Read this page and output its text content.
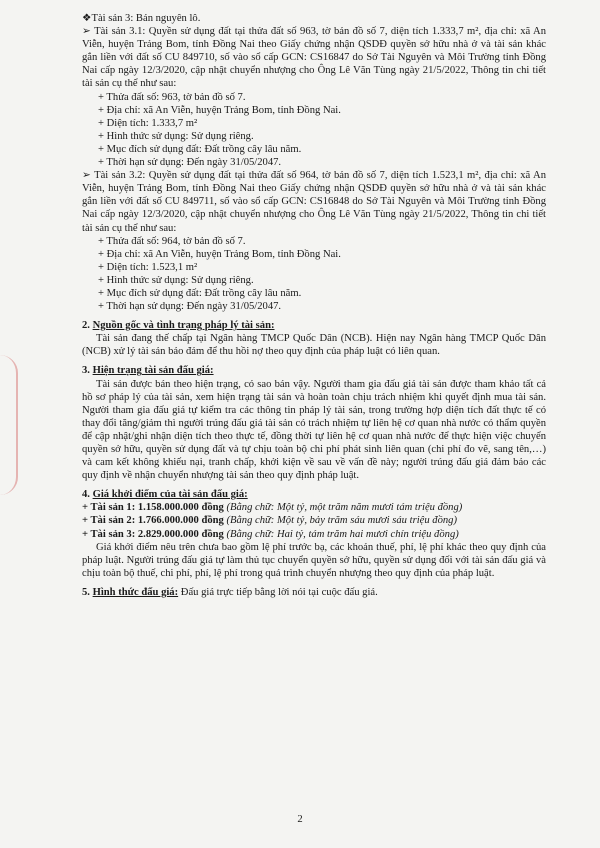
❖Tài sản 3: Bán nguyên lô.

➢ Tài sản 3.1: Quyền sử dụng đất tại thửa đất số 963, tờ bản đồ số 7, diện tích 1.333,7 m², địa chỉ: xã An Viễn, huyện Trảng Bom, tỉnh Đồng Nai theo Giấy chứng nhận QSDĐ quyền sở hữu nhà ở và tài sản khác gắn liền với đất số CU 849710, số vào sổ cấp GCN: CS16847 do Sở Tài Nguyên và Môi Trường tỉnh Đồng Nai cấp ngày 12/3/2020, cập nhật chuyển nhượng cho Ông Lê Văn Tùng ngày 21/5/2022, Thông tin chi tiết tài sản cụ thể như sau:

+ Thửa đất số: 963, tờ bản đồ số 7.

+ Địa chỉ: xã An Viễn, huyện Trảng Bom, tỉnh Đồng Nai.

+ Diện tích: 1.333,7 m²

+ Hình thức sử dụng: Sử dụng riêng.

+ Mục đích sử dụng đất: Đất trồng cây lâu năm.

+ Thời hạn sử dụng: Đến ngày 31/05/2047.

➢ Tài sản 3.2: Quyền sử dụng đất tại thửa đất số 964, tờ bản đồ số 7, diện tích 1.523,1 m², địa chỉ: xã An Viễn, huyện Trảng Bom, tỉnh Đồng Nai theo Giấy chứng nhận QSDĐ quyền sở hữu nhà ở và tài sản khác gắn liền với đất số CU 849711, số vào sổ cấp GCN: CS16848 do Sở Tài Nguyên và Môi Trường tỉnh Đồng Nai cấp ngày 12/3/2020, cập nhật chuyển nhượng cho Ông Lê Văn Tùng ngày 21/5/2022, Thông tin chi tiết tài sản cụ thể như sau:

+ Thửa đất số: 964, tờ bản đồ số 7.

+ Địa chỉ: xã An Viễn, huyện Trảng Bom, tỉnh Đồng Nai.

+ Diện tích: 1.523,1 m²

+ Hình thức sử dụng: Sử dụng riêng.

+ Mục đích sử dụng đất: Đất trồng cây lâu năm.

+ Thời hạn sử dụng: Đến ngày 31/05/2047.

2. Nguồn gốc và tình trạng pháp lý tài sản:

Tài sản đang thế chấp tại Ngân hàng TMCP Quốc Dân (NCB). Hiện nay Ngân hàng TMCP Quốc Dân (NCB) xử lý tài sản bảo đảm để thu hồi nợ theo quy định của pháp luật có liên quan.

3. Hiện trạng tài sản đấu giá:

Tài sản được bán theo hiện trạng, có sao bán vậy. Người tham gia đấu giá tài sản được tham khảo tất cả hồ sơ pháp lý của tài sản, xem hiện trạng tài sản và hoàn toàn chịu trách nhiệm khi quyết định mua tài sản. Người tham gia đấu giá tự kiểm tra các thông tin pháp lý tài sản, trong trường hợp diện tích đất thực tế có thay đổi tăng/giảm thì người trúng đấu giá tài sản có trách nhiệm tự liên hệ cơ quan nhà nước có thẩm quyền để cập nhật/ghi nhận diện tích theo thực tế, đồng thời tự liên hệ cơ quan nhà nước để thực hiện việc chuyển quyền sở hữu, quyền sử dụng đất và tự chịu toàn bộ chi phí phát sinh liên quan (chi phí đo vẽ, sang tên,…) và cam kết không khiếu nại, tranh chấp, khởi kiện về sau về vấn đề này; người trúng đấu giá đảm bảo các quy định về nhận chuyển nhượng tài sản theo quy định pháp luật.

4. Giá khởi điểm của tài sản đấu giá:

+ Tài sản 1: 1.158.000.000 đồng (Bằng chữ: Một tỷ, một trăm năm mươi tám triệu đồng)

+ Tài sản 2: 1.766.000.000 đồng (Bằng chữ: Một tỷ, bảy trăm sáu mươi sáu triệu đồng)

+ Tài sản 3: 2.829.000.000 đồng (Bằng chữ: Hai tỷ, tám trăm hai mươi chín triệu đồng)

Giá khởi điểm nêu trên chưa bao gồm lệ phí trước bạ, các khoản thuế, phí, lệ phí khác theo quy định của pháp luật. Người trúng đấu giá tự làm thủ tục chuyển quyền sở hữu, quyền sử dụng đối với tài sản đấu giá và chịu toàn bộ thuế, chi phí, phí, lệ phí trong quá trình chuyển nhượng theo quy định của pháp luật.

5. Hình thức đấu giá: Đấu giá trực tiếp bằng lời nói tại cuộc đấu giá.

2
